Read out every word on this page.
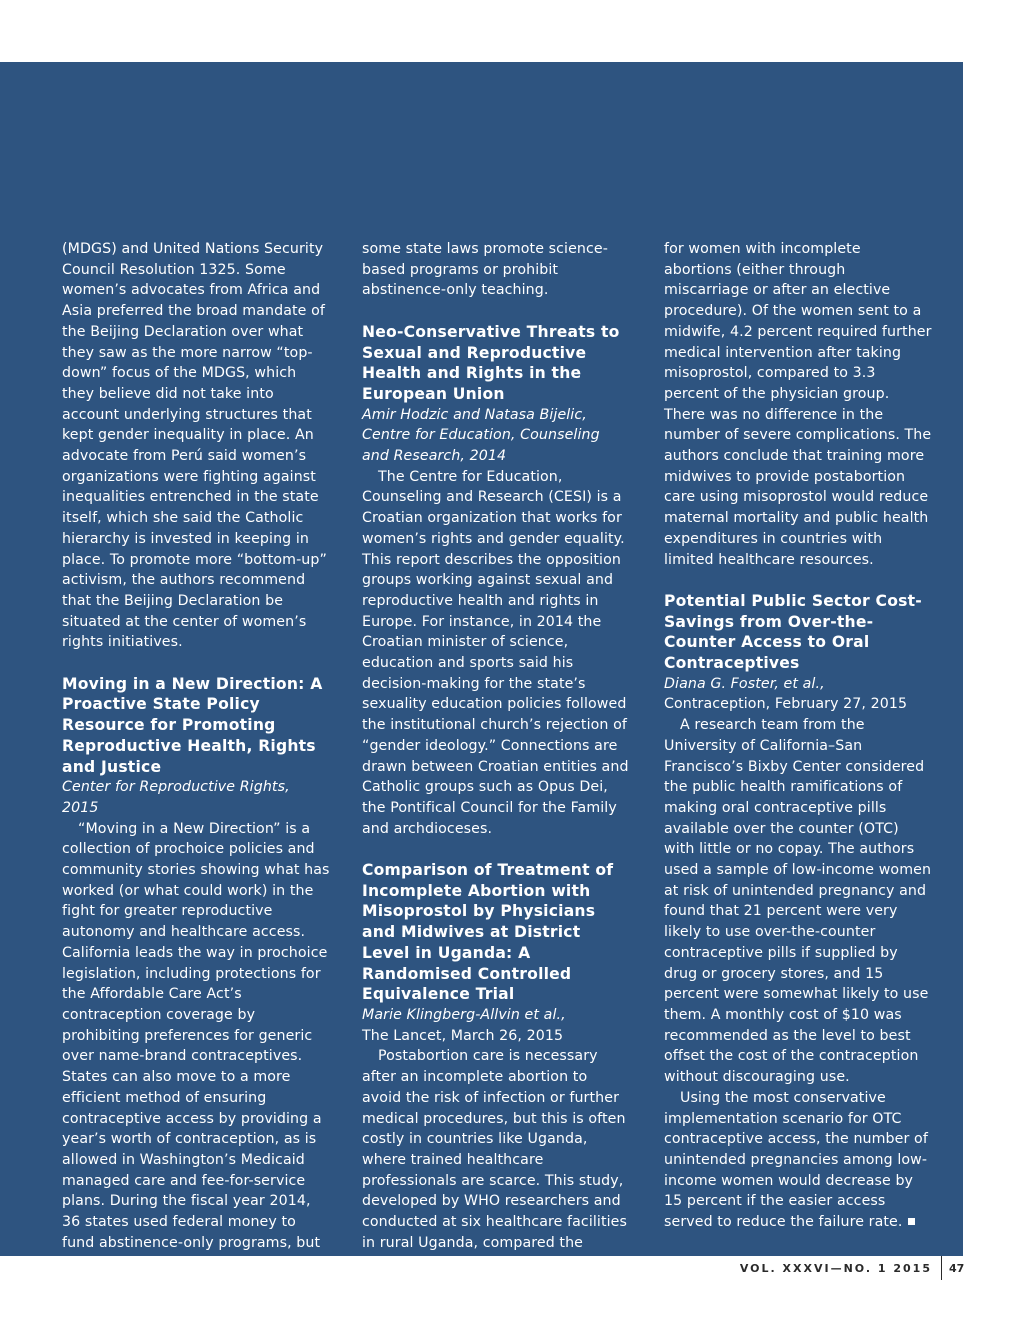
(MDGS) and United Nations Security Council Resolution 1325. Some women’s advocates from Africa and Asia preferred the broad mandate of the Beijing Declaration over what they saw as the more narrow “top-down” focus of the MDGS, which they believe did not take into account underlying structures that kept gender inequality in place. An advocate from Perú said women’s organizations were fighting against inequalities entrenched in the state itself, which she said the Catholic hierarchy is invested in keeping in place. To promote more “bottom-up” activism, the authors recommend that the Beijing Declaration be situated at the center of women’s rights initiatives.

Moving in a New Direction: A Proactive State Policy Resource for Promoting Reproductive Health, Rights and Justice

Center for Reproductive Rights, 2015

“Moving in a New Direction” is a collection of prochoice policies and community stories showing what has worked (or what could work) in the fight for greater reproductive autonomy and healthcare access. California leads the way in prochoice legislation, including protections for the Affordable Care Act’s contraception coverage by prohibiting preferences for generic over name-brand contraceptives. States can also move to a more efficient method of ensuring contraceptive access by providing a year’s worth of contraception, as is allowed in Washington’s Medicaid managed care and fee-for-service plans. During the fiscal year 2014, 36 states used federal money to fund abstinence-only programs, but

some state laws promote science-based programs or prohibit abstinence-only teaching.

Neo-Conservative Threats to Sexual and Reproductive Health and Rights in the European Union

Amir Hodzic and Natasa Bijelic, Centre for Education, Counseling and Research, 2014

The Centre for Education, Counseling and Research (CESI) is a Croatian organization that works for women’s rights and gender equality. This report describes the opposition groups working against sexual and reproductive health and rights in Europe. For instance, in 2014 the Croatian minister of science, education and sports said his decision-making for the state’s sexuality education policies followed the institutional church’s rejection of “gender ideology.” Connections are drawn between Croatian entities and Catholic groups such as Opus Dei, the Pontifical Council for the Family and archdioceses.

Comparison of Treatment of Incomplete Abortion with Misoprostol by Physicians and Midwives at District Level in Uganda: A Randomised Controlled Equivalence Trial

Marie Klingberg-Allvin et al.,

The Lancet, March 26, 2015

Postabortion care is necessary after an incomplete abortion to avoid the risk of infection or further medical procedures, but this is often costly in countries like Uganda, where trained healthcare professionals are scarce. This study, developed by WHO researchers and conducted at six healthcare facilities in rural Uganda, compared the outcomes

for women with incomplete abortions (either through miscarriage or after an elective procedure). Of the women sent to a midwife, 4.2 percent required further medical intervention after taking misoprostol, compared to 3.3 percent of the physician group. There was no difference in the number of severe complications. The authors conclude that training more midwives to provide postabortion care using misoprostol would reduce maternal mortality and public health expenditures in countries with limited healthcare resources.

Potential Public Sector Cost-Savings from Over-the-Counter Access to Oral Contraceptives

Diana G. Foster, et al.,

Contraception, February 27, 2015

A research team from the University of California–San Francisco’s Bixby Center considered the public health ramifications of making oral contraceptive pills available over the counter (OTC) with little or no copay. The authors used a sample of low-income women at risk of unintended pregnancy and found that 21 percent were very likely to use over-the-counter contraceptive pills if supplied by drug or grocery stores, and 15 percent were somewhat likely to use them. A monthly cost of $10 was recommended as the level to best offset the cost of the contraception without discouraging use.

Using the most conservative implementation scenario for OTC contraceptive access, the number of unintended pregnancies among low-income women would decrease by 15 percent if the easier access served to reduce the failure rate.

VOL. XXXVI—NO. 1 2015 47
